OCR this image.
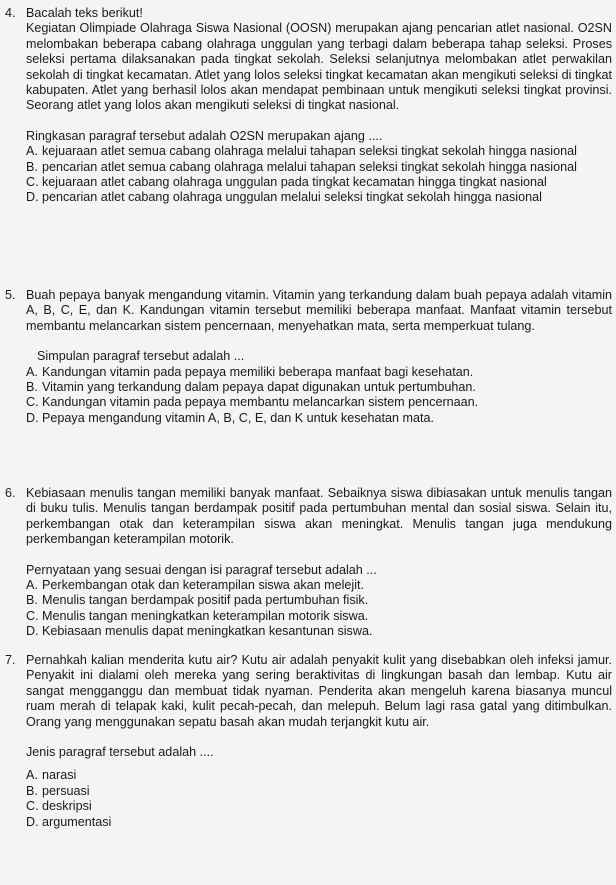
4. Bacalah teks berikut!
Kegiatan Olimpiade Olahraga Siswa Nasional (OOSN) merupakan ajang pencarian atlet nasional. O2SN melombakan beberapa cabang olahraga unggulan yang terbagi dalam beberapa tahap seleksi. Proses seleksi pertama dilaksanakan pada tingkat sekolah. Seleksi selanjutnya melombakan atlet perwakilan sekolah di tingkat kecamatan. Atlet yang lolos seleksi tingkat kecamatan akan mengikuti seleksi di tingkat kabupaten. Atlet yang berhasil lolos akan mendapat pembinaan untuk mengikuti seleksi tingkat provinsi. Seorang atlet yang lolos akan mengikuti seleksi di tingkat nasional.
Ringkasan paragraf tersebut adalah O2SN merupakan ajang ....
A. kejuaraan atlet semua cabang olahraga melalui tahapan seleksi tingkat sekolah hingga nasional
B. pencarian atlet semua cabang olahraga melalui tahapan seleksi tingkat sekolah hingga nasional
C. kejuaraan atlet cabang olahraga unggulan pada tingkat kecamatan hingga tingkat nasional
D. pencarian atlet cabang olahraga unggulan melalui seleksi tingkat sekolah hingga nasional
5. Buah pepaya banyak mengandung vitamin. Vitamin yang terkandung dalam buah pepaya adalah vitamin A, B, C, E, dan K. Kandungan vitamin tersebut memiliki beberapa manfaat. Manfaat vitamin tersebut membantu melancarkan sistem pencernaan, menyehatkan mata, serta memperkuat tulang.
Simpulan paragraf tersebut adalah ...
A. Kandungan vitamin pada pepaya memiliki beberapa manfaat bagi kesehatan.
B. Vitamin yang terkandung dalam pepaya dapat digunakan untuk pertumbuhan.
C. Kandungan vitamin pada pepaya membantu melancarkan sistem pencernaan.
D. Pepaya mengandung vitamin A, B, C, E, dan K untuk kesehatan mata.
6. Kebiasaan menulis tangan memiliki banyak manfaat. Sebaiknya siswa dibiasakan untuk menulis tangan di buku tulis. Menulis tangan berdampak positif pada pertumbuhan mental dan sosial siswa. Selain itu, perkembangan otak dan keterampilan siswa akan meningkat. Menulis tangan juga mendukung perkembangan keterampilan motorik.
Pernyataan yang sesuai dengan isi paragraf tersebut adalah ...
A. Perkembangan otak dan keterampilan siswa akan melejit.
B. Menulis tangan berdampak positif pada pertumbuhan fisik.
C. Menulis tangan meningkatkan keterampilan motorik siswa.
D. Kebiasaan menulis dapat meningkatkan kesantunan siswa.
7. Pernahkah kalian menderita kutu air? Kutu air adalah penyakit kulit yang disebabkan oleh infeksi jamur. Penyakit ini dialami oleh mereka yang sering beraktivitas di lingkungan basah dan lembap. Kutu air sangat mengganggu dan membuat tidak nyaman. Penderita akan mengeluh karena biasanya muncul ruam merah di telapak kaki, kulit pecah-pecah, dan melepuh. Belum lagi rasa gatal yang ditimbulkan. Orang yang menggunakan sepatu basah akan mudah terjangkit kutu air.
Jenis paragraf tersebut adalah ....
A. narasi
B. persuasi
C. deskripsi
D. argumentasi
